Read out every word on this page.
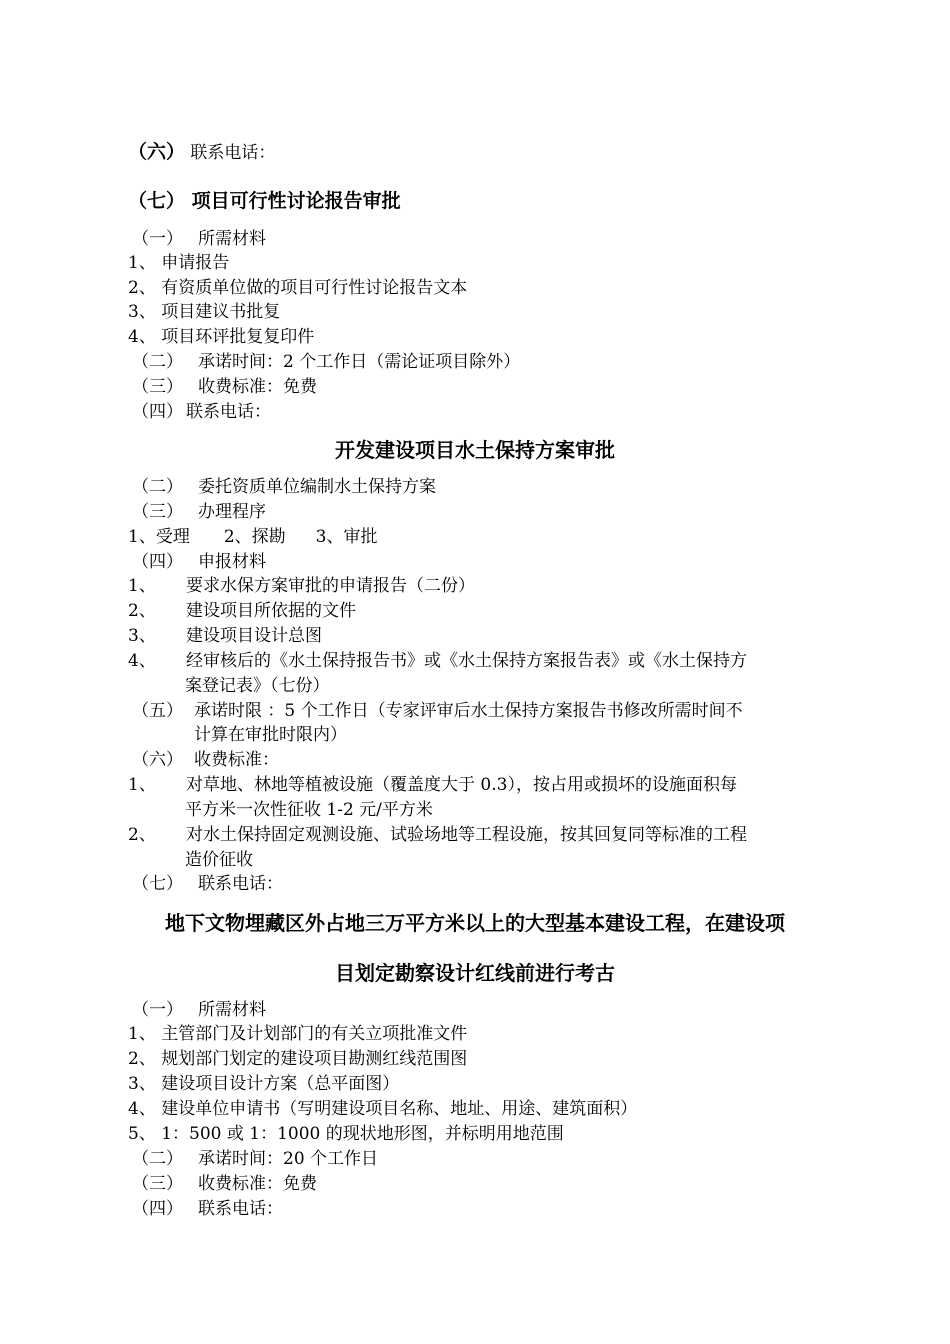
（六） 联系电话：
（七） 项目可行性讨论报告审批
（一） 所需材料
1、 申请报告
2、 有资质单位做的项目可行性讨论报告文本
3、 项目建议书批复
4、 项目环评批复复印件
（二） 承诺时间：2 个工作日（需论证项目除外）
（三） 收费标准：免费
（四） 联系电话：
开发建设项目水土保持方案审批
（二） 委托资质单位编制水土保持方案
（三） 办理程序
1、受理 2、探勘 3、审批
（四） 申报材料
1、 要求水保方案审批的申请报告（二份）
2、 建设项目所依据的文件
3、 建设项目设计总图
4、 经审核后的《水土保持报告书》或《水土保持方案报告表》或《水土保持方
案登记表》（七份）
（五） 承诺时限 ：5 个工作日（专家评审后水土保持方案报告书修改所需时间不
计算在审批时限内）
（六） 收费标准：
1、 对草地、林地等植被设施（覆盖度大于 0.3），按占用或损坏的设施面积每
平方米一次性征收 1-2 元/平方米
2、 对水土保持固定观测设施、试验场地等工程设施，按其回复同等标准的工程
造价征收
（七） 联系电话：
地下文物埋藏区外占地三万平方米以上的大型基本建设工程，在建设项
目划定勘察设计红线前进行考古
（一） 所需材料
1、 主管部门及计划部门的有关立项批准文件
2、 规划部门划定的建设项目勘测红线范围图
3、 建设项目设计方案（总平面图）
4、 建设单位申请书（写明建设项目名称、地址、用途、建筑面积）
5、 1：500 或 1：1000 的现状地形图，并标明用地范围
（二） 承诺时间：20 个工作日
（三） 收费标准：免费
（四） 联系电话：
